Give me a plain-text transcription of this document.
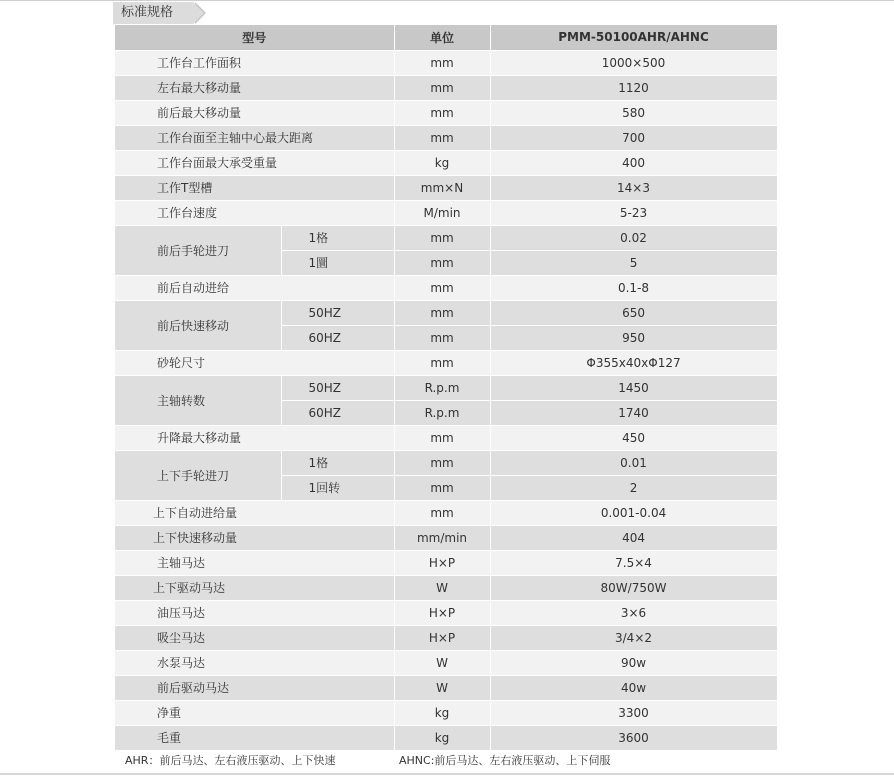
标准规格
型号		单位	PMM-50100AHR/AHNC
工作台工作面积		mm	1000×500
左右最大移动量		mm	1120
前后最大移动量		mm	580
工作台面至主轴中心最大距离		mm	700
工作台面最大承受重量		kg	400
工作T型槽		mm×N	14×3
工作台速度		M/min	5-23
前后手轮进刀	1格	mm	0.02
	1圜	mm	5
前后自动进给		mm	0.1-8
前后快速移动	50HZ	mm	650
	60HZ	mm	950
砂轮尺寸		mm	Φ355x40xΦ127
主轴转数	50HZ	R.p.m	1450
	60HZ	R.p.m	1740
升降最大移动量		mm	450
上下手轮进刀	1格	mm	0.01
	1回转	mm	2
上下自动进给量		mm	0.001-0.04
上下快速移动量		mm/min	404
主轴马达		H×P	7.5×4
上下驱动马达		W	80W/750W
油压马达		H×P	3×6
吸尘马达		H×P	3/4×2
水泵马达		W	90w
前后驱动马达		W	40w
净重		kg	3300
毛重		kg	3600
AHR：前后马达、左右液压驱动、上下快速	AHNC:前后马达、左右液压驱动、上下伺服
